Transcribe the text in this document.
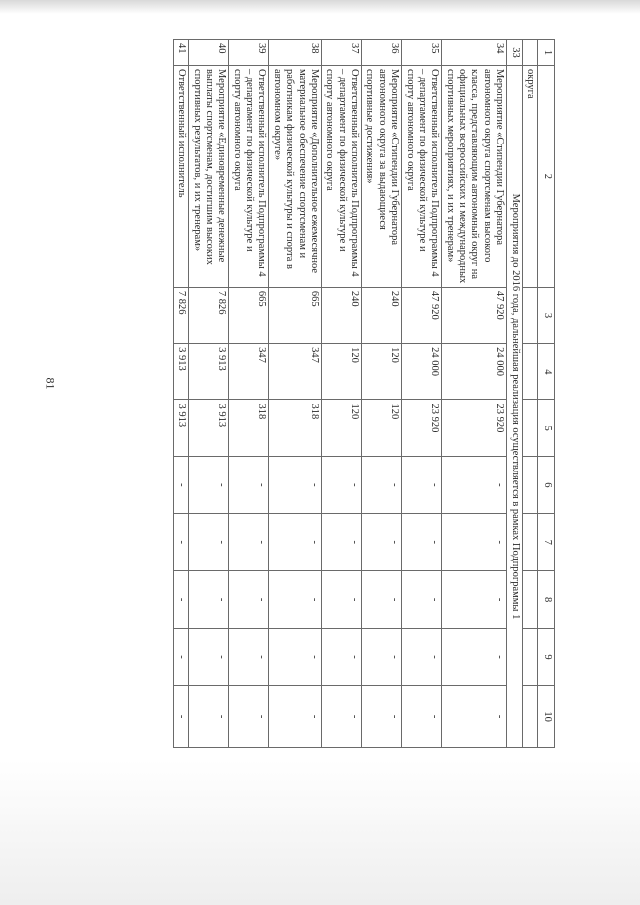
81
1	2	3	4	5	6	7	8	9	10
	округа								
33	Мероприятия до 2016 года, дальнейшая реализация осуществляется в рамках Подпрограммы 1								
34	Мероприятие «Стипендии Губернатора автономного округа спортсменам высокого класса, представляющим автономный округ на официальных всероссийских и международных спортивных мероприятиях, и их тренерам»	47 920	24 000	23 920	-	-	-	-	-
35	Ответственный исполнитель Подпрограммы 4 – департамент по физической культуре и спорту автономного округа	47 920	24 000	23 920	-	-	-	-	-
36	Мероприятие «Стипендии Губернатора автономного округа за выдающиеся спортивные достижения»	240	120	120	-	-	-	-	-
37	Ответственный исполнитель Подпрограммы 4 – департамент по физической культуре и спорту автономного округа	240	120	120	-	-	-	-	-
38	Мероприятие «Дополнительное ежемесячное материальное обеспечение спортсменам и работникам физической культуры и спорта в автономном округе»	665	347	318	-	-	-	-	-
39	Ответственный исполнитель Подпрограммы 4 – департамент по физической культуре и спорту автономного округа	665	347	318	-	-	-	-	-
40	Мероприятие «Единовременные денежные выплаты спортсменам, достигшим высоких спортивных результатов, и их тренерам»	7 826	3 913	3 913	-	-	-	-	-
41	Ответственный исполнитель	7 826	3 913	3 913	-	-	-	-	-
